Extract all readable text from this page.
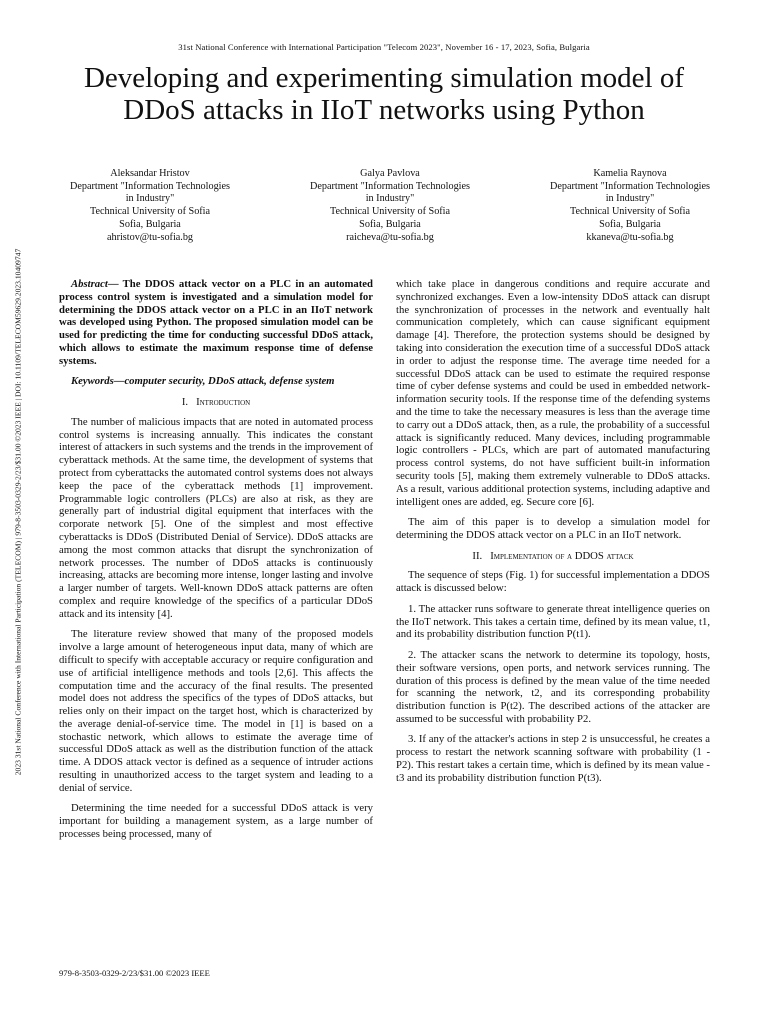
31st National Conference with International Participation "Telecom 2023", November 16 - 17, 2023, Sofia, Bulgaria
Developing and experimenting simulation model of
DDoS attacks in IIoT networks using Python
Aleksandar Hristov
Department "Information Technologies
in Industry"
Technical University of Sofia
Sofia, Bulgaria
ahristov@tu-sofia.bg
Galya Pavlova
Department "Information Technologies
in Industry"
Technical University of Sofia
Sofia, Bulgaria
raicheva@tu-sofia.bg
Kamelia Raynova
Department "Information Technologies
in Industry"
Technical University of Sofia
Sofia, Bulgaria
kkaneva@tu-sofia.bg
2023 31st National Conference with International Participation (TELECOM) | 979-8-3503-0329-2/23/$31.00 ©2023 IEEE | DOI: 10.1109/TELECOM59629.2023.10409747	Abstract— The DDOS attack vector on a PLC in an automated process control system is investigated and a simulation model for determining the DDOS attack vector on a PLC in an IIoT network was developed using Python. The proposed simulation model can be used for predicting the time for conducting successful DDoS attack, which allows to estimate the maximum response time of defense systems.

Keywords—computer security, DDoS attack, defense system

I. Introduction

The number of malicious impacts that are noted in automated process control systems is increasing annually. This indicates the constant interest of attackers in such systems and the trends in the improvement of cyberattack methods. At the same time, the development of systems that protect from cyberattacks the automated control systems does not always keep the pace of the cyberattack methods [1] improvement. Programmable logic controllers (PLCs) are also at risk, as they are generally part of industrial digital equipment that interfaces with the corporate network [5]. One of the simplest and most effective cyberattacks is DDoS (Distributed Denial of Service). DDoS attacks are among the most common attacks that disrupt the synchronization of network processes. The number of DDoS attacks is continuously increasing, attacks are becoming more intense, longer lasting and involve a larger number of targets. Well-known DDoS attack patterns are often complex and require knowledge of the specifics of a particular DDoS attack and its intensity [4].

The literature review showed that many of the proposed models involve a large amount of heterogeneous input data, many of which are difficult to specify with acceptable accuracy or require configuration and use of artificial intelligence methods and tools [2,6]. This affects the computation time and the accuracy of the final results. The presented model does not address the specifics of the types of DDoS attacks, but relies only on their impact on the target host, which is characterized by the average denial-of-service time. The model in [1] is based on a stochastic network, which allows to estimate the average time of successful DDoS attack as well as the distribution function of the attack time. A DDOS attack vector is defined as a sequence of intruder actions resulting in unauthorized access to the target system and leading to a denial of service.

Determining the time needed for a successful DDoS attack is very important for building a management system, as a large number of processes being processed, many of

which take place in dangerous conditions and require accurate and synchronized exchanges. Even a low-intensity DDoS attack can disrupt the synchronization of processes in the network and eventually halt communication completely, which can cause significant equipment damage [4]. Therefore, the protection systems should be designed by taking into consideration the execution time of a successful DDoS attack in order to adjust the response time. The average time needed for a successful DDoS attack can be used to estimate the required response time of cyber defense systems and could be used in embedded network-information security tools. If the response time of the defending systems and the time to take the necessary measures is less than the average time to carry out a DDoS attack, then, as a rule, the probability of a successful attack is significantly reduced. Many devices, including programmable logic controllers - PLCs, which are part of automated manufacturing process control systems, do not have sufficient built-in information security tools [5], making them extremely vulnerable to DDoS attacks. As a result, various additional protection systems, including adaptive and intelligent ones are added, eg. Secure core [6].

The aim of this paper is to develop a simulation model for determining the DDOS attack vector on a PLC in an IIoT network.

II. Implementation of a DDOS attack

The sequence of steps (Fig. 1) for successful implementation a DDOS attack is discussed below:

1. The attacker runs software to generate threat intelligence queries on the IIoT network. This takes a certain time, defined by its mean value, t1, and its probability distribution function P(t1).

2. The attacker scans the network to determine its topology, hosts, their software versions, open ports, and network services running. The duration of this process is defined by the mean value of the time needed for scanning the network, t2, and its corresponding probability distribution function is P(t2). The described actions of the attacker are assumed to be successful with probability P2.

3. If any of the attacker's actions in step 2 is unsuccessful, he creates a process to restart the network scanning software with probability (1 - P2). This restart takes a certain time, which is defined by its mean value - t3 and its probability distribution function P(t3).

979-8-3503-0329-2/23/$31.00 ©2023 IEEE
